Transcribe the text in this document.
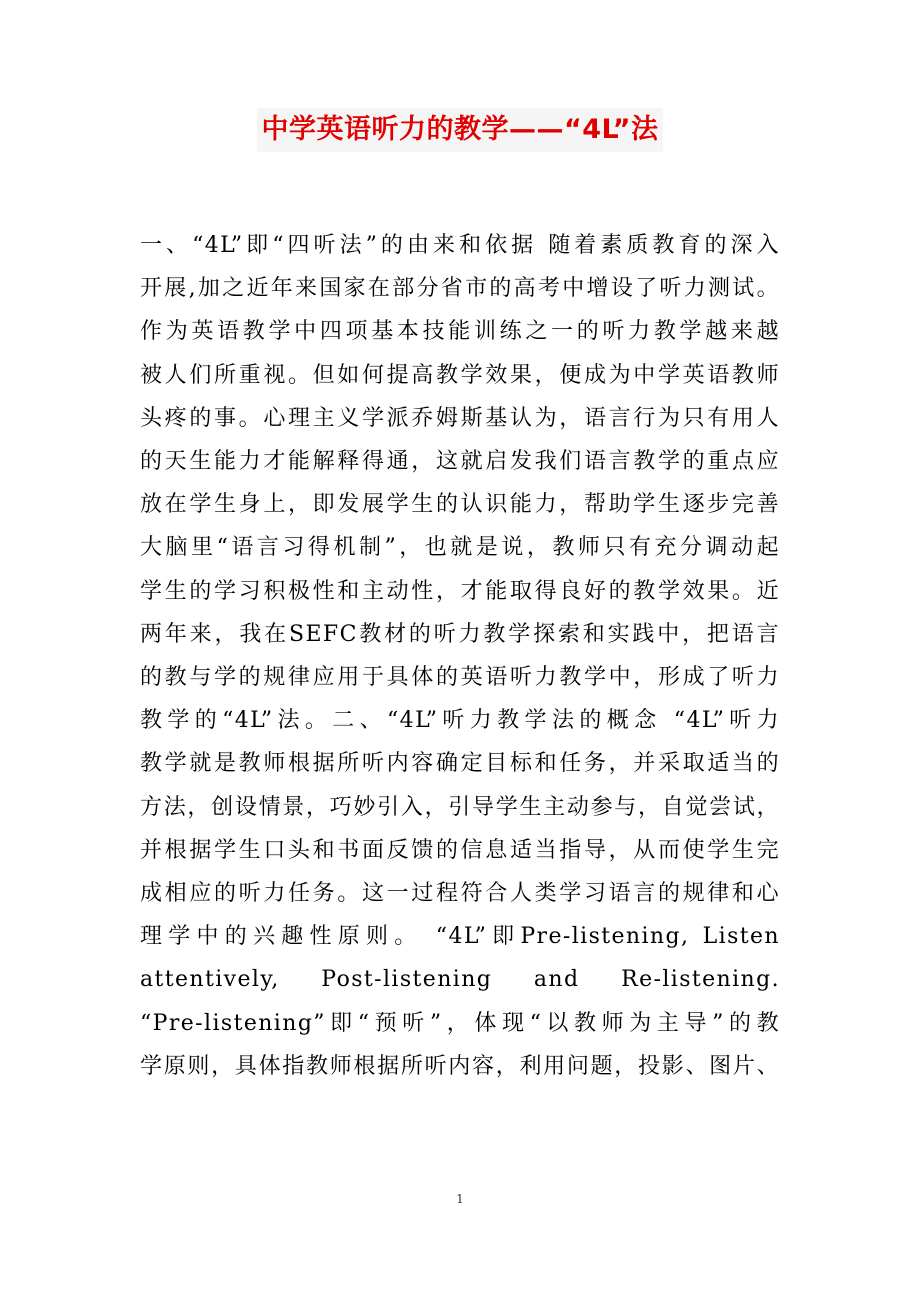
中学英语听力的教学——“4L”法
一、“4L”即“四听法”的由来和依据 随着素质教育的深入
开展,加之近年来国家在部分省市的高考中增设了听力测试。
作为英语教学中四项基本技能训练之一的听力教学越来越
被人们所重视。但如何提高教学效果，便成为中学英语教师
头疼的事。心理主义学派乔姆斯基认为，语言行为只有用人
的天生能力才能解释得通，这就启发我们语言教学的重点应
放在学生身上，即发展学生的认识能力，帮助学生逐步完善
大脑里“语言习得机制”，也就是说，教师只有充分调动起
学生的学习积极性和主动性，才能取得良好的教学效果。近
两年来，我在SEFC教材的听力教学探索和实践中，把语言
的教与学的规律应用于具体的英语听力教学中，形成了听力
教学的“4L”法。二、“4L”听力教学法的概念 “4L”听力
教学就是教师根据所听内容确定目标和任务，并采取适当的
方法，创设情景，巧妙引入，引导学生主动参与，自觉尝试，
并根据学生口头和书面反馈的信息适当指导，从而使学生完
成相应的听力任务。这一过程符合人类学习语言的规律和心
理学中的兴趣性原则。 “4L”即Pre-listening, Listen
attentively, Post-listening and Re-listening.
“Pre-listening”即“预听”，体现“以教师为主导”的教
学原则，具体指教师根据所听内容，利用问题，投影、图片、
1
